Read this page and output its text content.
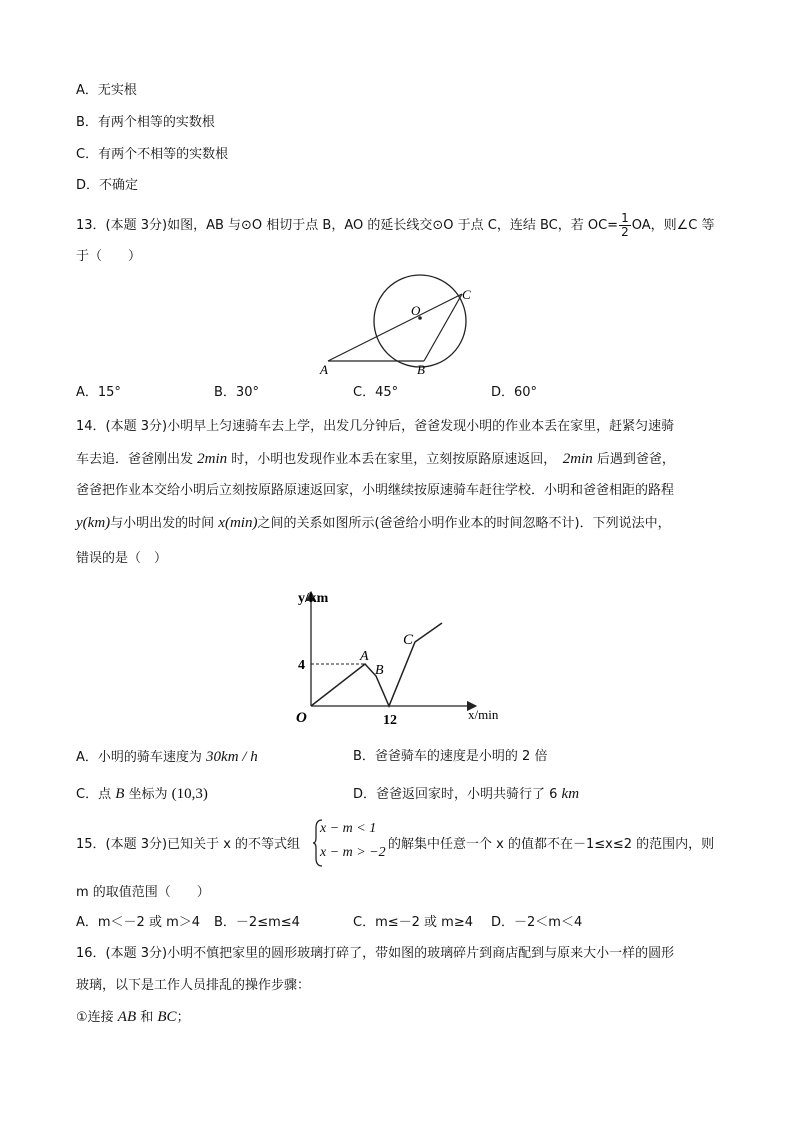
A．无实根
B．有两个相等的实数根
C．有两个不相等的实数根
D．不确定
13．(本题 3分)如图，AB 与⊙O 相切于点 B，AO 的延长线交⊙O 于点 C，连结 BC，若 $OC= \frac{1}{2}$ OA，则∠C 等
于（　　）
O
C
A	B
A．15°	B．30°	C．45°	D．60°
14．(本题 3分)小明早上匀速骑车去上学，出发几分钟后，爸爸发现小明的作业本丢在家里，赶紧匀速骑
车去追．爸爸刚出发 2min 时，小明也发现作业本丢在家里，立刻按原路原速返回，　2min 后遇到爸爸，
爸爸把作业本交给小明后立刻按原路原速返回家，小明继续按原速骑车赶往学校．小明和爸爸相距的路程
y(km)与小明出发的时间 x(min)之间的关系如图所示(爸爸给小明作业本的时间忽略不计)．下列说法中，
错误的是（　）
y/km
x/min
O
4
12
A
B
C
A．小明的骑车速度为 30km / h	B．爸爸骑车的速度是小明的 2 倍
C．点 B 坐标为 (10,3)	D．爸爸返回家时，小明共骑行了 6 km
15．(本题 3分)已知关于 x 的不等式组
x − m < 1
x − m > −2
的解集中任意一个 x 的值都不在－1≤x≤2 的范围内，则
m 的取值范围（　　）
A．m＜－2 或 m＞4 B．－2≤m≤4	C．m≤－2 或 m≥4 D．－2＜m＜4
16．(本题 3分)小明不慎把家里的圆形玻璃打碎了，带如图的玻璃碎片到商店配到与原来大小一样的圆形
玻璃，以下是工作人员排乱的操作步骤：
①连接 AB 和 BC；
